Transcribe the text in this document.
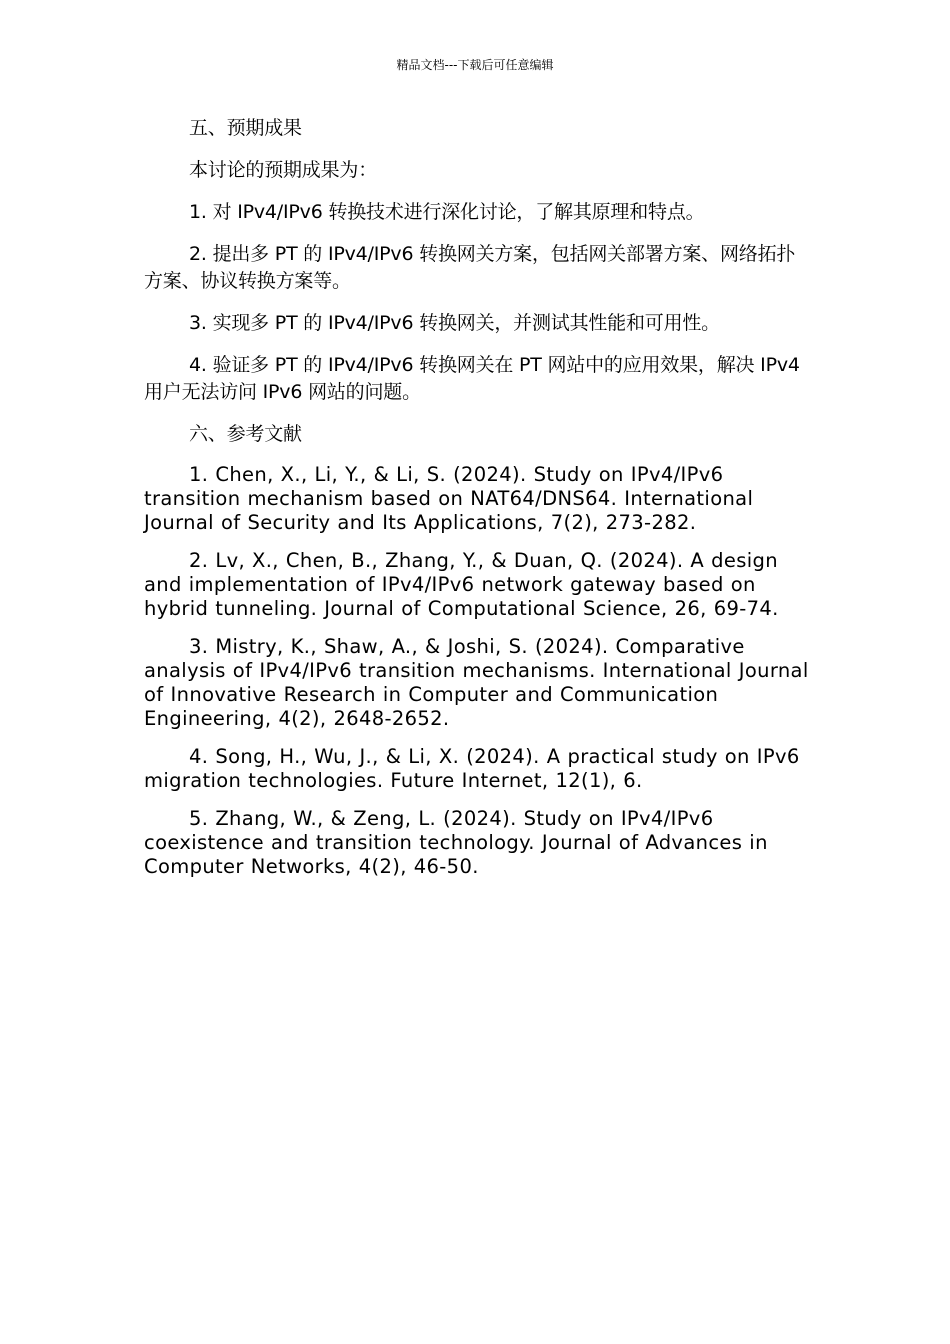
精品文档---下载后可任意编辑

五、预期成果

本讨论的预期成果为：

1. 对 IPv4/IPv6 转换技术进行深化讨论，了解其原理和特点。

2. 提出多 PT 的 IPv4/IPv6 转换网关方案，包括网关部署方案、网络拓扑方案、协议转换方案等。

3. 实现多 PT 的 IPv4/IPv6 转换网关，并测试其性能和可用性。

4. 验证多 PT 的 IPv4/IPv6 转换网关在 PT 网站中的应用效果，解决 IPv4 用户无法访问 IPv6 网站的问题。

六、参考文献

1. Chen, X., Li, Y., & Li, S. (2024). Study on IPv4/IPv6 transition mechanism based on NAT64/DNS64. International Journal of Security and Its Applications, 7(2), 273-282.

2. Lv, X., Chen, B., Zhang, Y., & Duan, Q. (2024). A design and implementation of IPv4/IPv6 network gateway based on hybrid tunneling. Journal of Computational Science, 26, 69-74.

3. Mistry, K., Shaw, A., & Joshi, S. (2024). Comparative analysis of IPv4/IPv6 transition mechanisms. International Journal of Innovative Research in Computer and Communication Engineering, 4(2), 2648-2652.

4. Song, H., Wu, J., & Li, X. (2024). A practical study on IPv6 migration technologies. Future Internet, 12(1), 6.

5. Zhang, W., & Zeng, L. (2024). Study on IPv4/IPv6 coexistence and transition technology. Journal of Advances in Computer Networks, 4(2), 46-50.
